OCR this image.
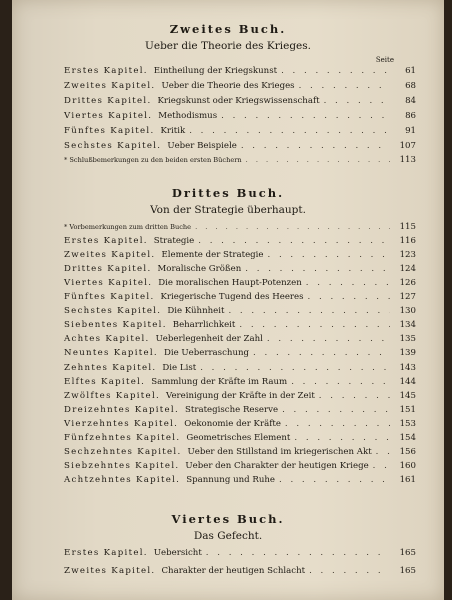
Seite
Zweites Buch.
Ueber die Theorie des Krieges.
Erstes Kapitel. Eintheilung der Kriegskunst . . .	61
Zweites Kapitel. Ueber die Theorie des Krieges . . .	68
Drittes Kapitel. Kriegskunst oder Kriegswissenschaft . . .	84
Viertes Kapitel. Methodismus . . .	86
Fünftes Kapitel. Kritik . . .	91
Sechstes Kapitel. Ueber Beispiele . . .	107
* Schlußbemerkungen zu den beiden ersten Büchern . . .	113
Drittes Buch.
Von der Strategie überhaupt.
* Vorbemerkungen zum dritten Buche . . .	115
Erstes Kapitel. Strategie . . .	116
Zweites Kapitel. Elemente der Strategie . . .	123
Drittes Kapitel. Moralische Größen . . .	124
Viertes Kapitel. Die moralischen Haupt-Potenzen . . .	126
Fünftes Kapitel. Kriegerische Tugend des Heeres . . .	127
Sechstes Kapitel. Die Kühnheit . . .	130
Siebentes Kapitel. Beharrlichkeit . . .	134
Achtes Kapitel. Ueberlegenheit der Zahl . . .	135
Neuntes Kapitel. Die Ueberraschung . . .	139
Zehntes Kapitel. Die List . . .	143
Elftes Kapitel. Sammlung der Kräfte im Raum . . .	144
Zwölftes Kapitel. Vereinigung der Kräfte in der Zeit . . .	145
Dreizehntes Kapitel. Strategische Reserve . . .	151
Vierzehntes Kapitel. Oekonomie der Kräfte . . .	153
Fünfzehntes Kapitel. Geometrisches Element . . .	154
Sechzehntes Kapitel. Ueber den Stillstand im kriegerischen Akt . . .	156
Siebzehntes Kapitel. Ueber den Charakter der heutigen Kriege . . .	160
Achtzehntes Kapitel. Spannung und Ruhe . . .	161
Viertes Buch.
Das Gefecht.
Erstes Kapitel. Uebersicht . . .	165
Zweites Kapitel. Charakter der heutigen Schlacht . . .	165
